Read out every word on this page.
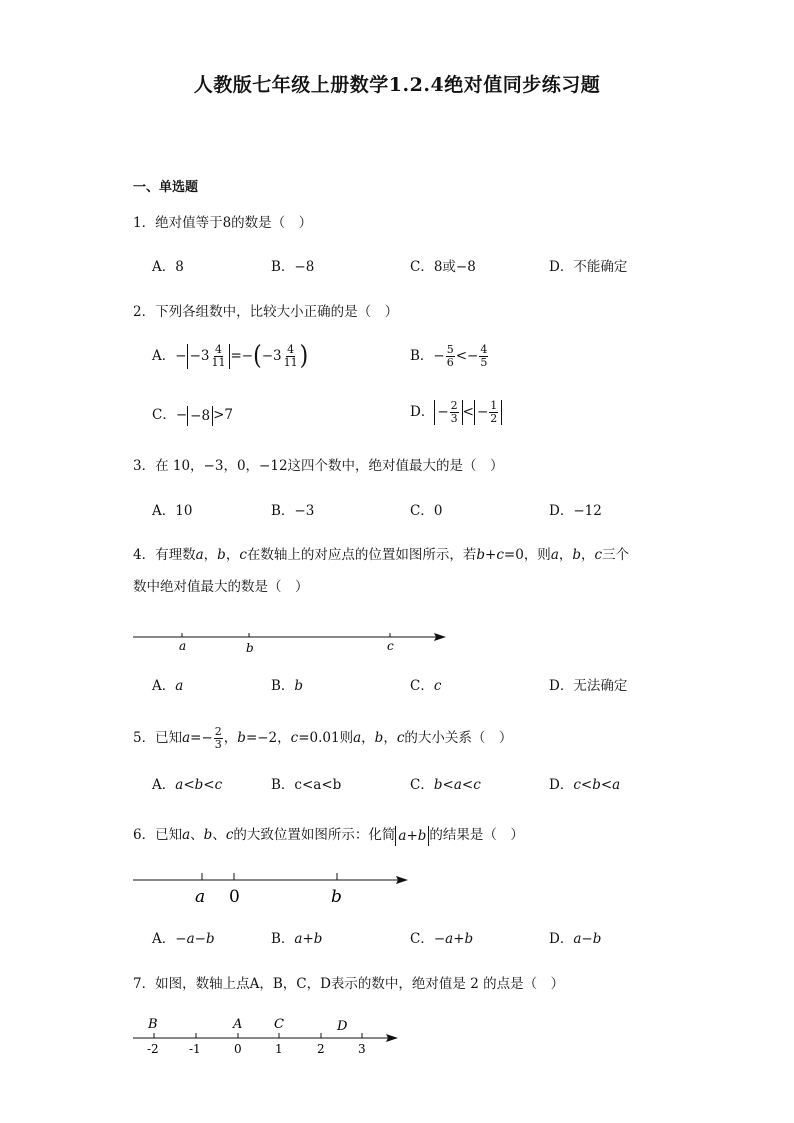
人教版七年级上册数学1.2.4绝对值同步练习题
一、单选题
1．绝对值等于8的数是（　）
A．8	B．−8	C．8或−8	D．不能确定
2．下列各组数中，比较大小正确的是（　）
A．− $-3 \frac{4}{11} =-(-3 \frac{4}{11}$ )	B．− $\frac{5}{6} <- \frac{4}{5}$
C．− −8 >7	D． − $\frac{2}{3}$ < − $\frac{1}{2}$
3．在 10，−3，0，−12这四个数中，绝对值最大的是（　）
A．10	B．−3	C．0	D．−12
4．有理数a，b，c在数轴上的对应点的位置如图所示，若b+c=0，则a，b，c三个
数中绝对值最大的数是（　）
a	b	c
A．a	B．b	C．c	D．无法确定
5．已知$a=- \frac{2}{3}$ ，b=−2，c=0.01则a，b，c的大小关系（　）
A．a<b<c	B．c<a<b	C．b<a<c	D．c<b<a
6．已知a、b、c的大致位置如图所示：化简 a+b 的结果是（　）
a 0	b
A．−a−b	B．a+b	C．−a+b	D．a−b
7．如图，数轴上点A，B，C，D表示的数中，绝对值是 2 的点是（　）
B	A C	D
-2	-1	0	1	2	3
